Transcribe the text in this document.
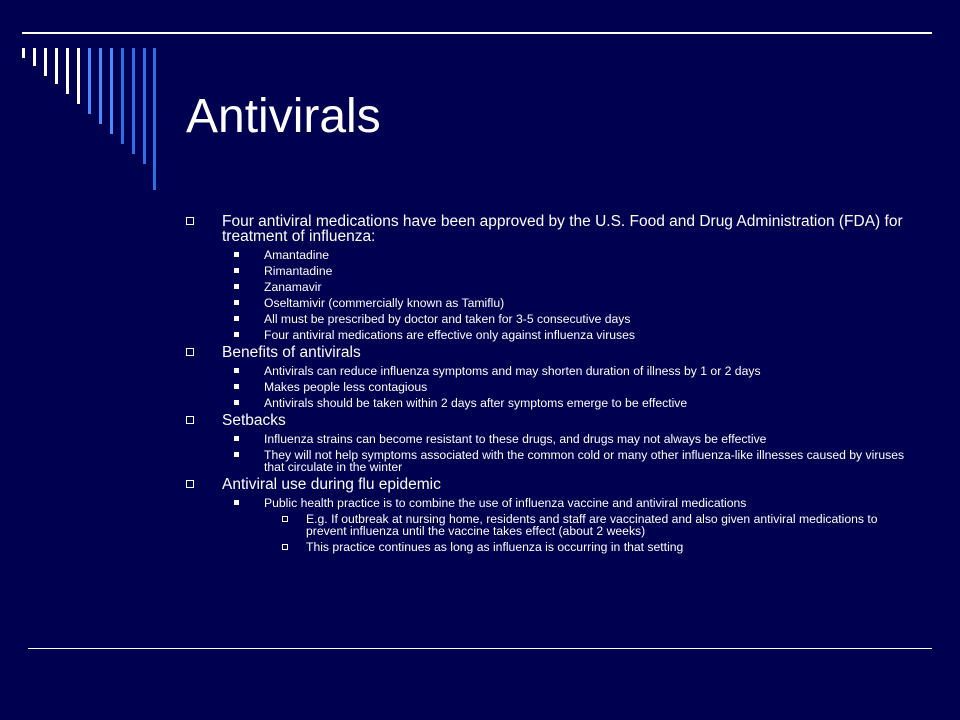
Antivirals
Four antiviral medications have been approved by the U.S. Food and Drug Administration (FDA) for treatment of influenza:
Amantadine
Rimantadine
Zanamavir
Oseltamivir (commercially known as Tamiflu)
All must be prescribed by doctor and taken for 3-5 consecutive days
Four antiviral medications are effective only against influenza viruses
Benefits of antivirals
Antivirals can reduce influenza symptoms and may shorten duration of illness by 1 or 2 days
Makes people less contagious
Antivirals should be taken within 2 days after symptoms emerge to be effective
Setbacks
Influenza strains can become resistant to these drugs, and drugs may not always be effective
They will not help symptoms associated with the common cold or many other influenza-like illnesses caused by viruses that circulate in the winter
Antiviral use during flu epidemic
Public health practice is to combine the use of influenza vaccine and antiviral medications
E.g. If outbreak at nursing home, residents and staff are vaccinated and also given antiviral medications to prevent influenza until the vaccine takes effect (about 2 weeks)
This practice continues as long as influenza is occurring in that setting
